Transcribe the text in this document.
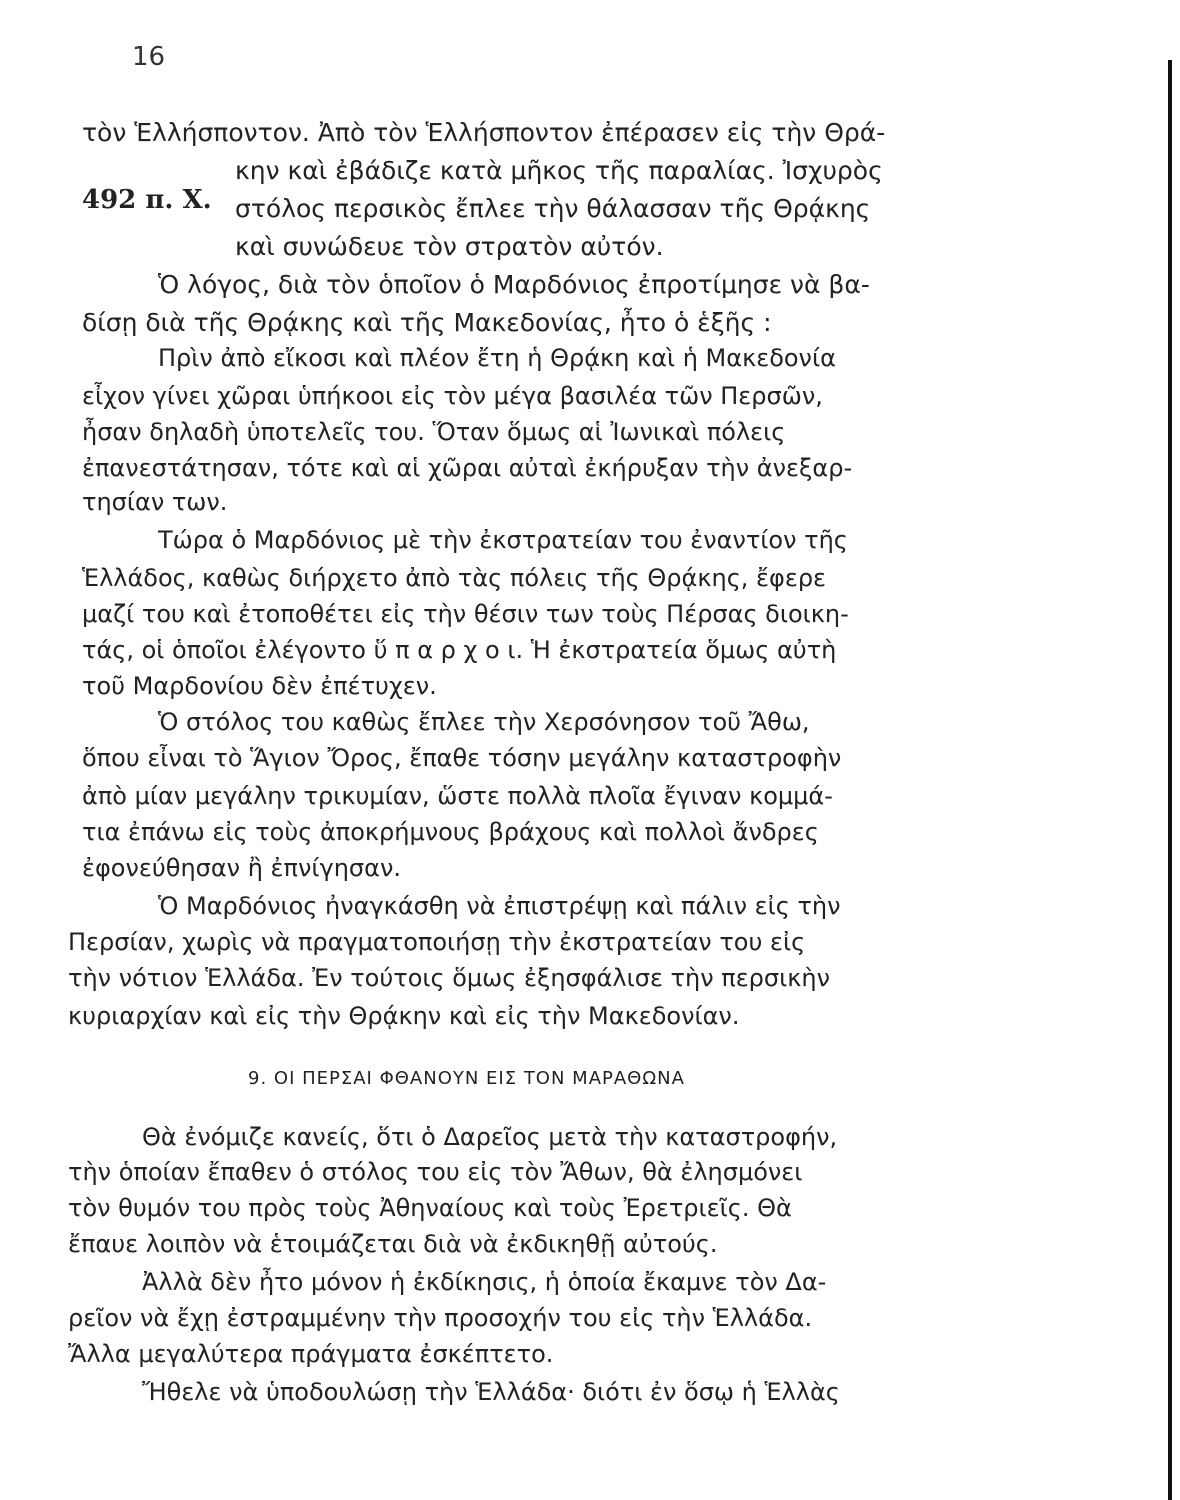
16
492 π. Χ.
τὸν Ἑλλήσποντον. Ἀπὸ τὸν Ἑλλήσποντον ἐπέρασεν εἰς τὴν Θρά-
κην καὶ ἐβάδιζε κατὰ μῆκος τῆς παραλίας. Ἰσχυρὸς
στόλος περσικὸς ἔπλεε τὴν θάλασσαν τῆς Θρᾴκης
καὶ συνώδευε τὸν στρατὸν αὐτόν.
Ὁ λόγος, διὰ τὸν ὁποῖον ὁ Μαρδόνιος ἐπροτίμησε νὰ βα-
δίσῃ διὰ τῆς Θρᾴκης καὶ τῆς Μακεδονίας, ἦτο ὁ ἑξῆς :
Πρὶν ἀπὸ εἴκοσι καὶ πλέον ἔτη ἡ Θρᾴκη καὶ ἡ Μακεδονία
εἶχον γίνει χῶραι ὑπήκοοι εἰς τὸν μέγα βασιλέα τῶν Περσῶν,
ἦσαν δηλαδὴ ὑποτελεῖς του. Ὅταν ὅμως αἱ Ἰωνικαὶ πόλεις
ἐπανεστάτησαν, τότε καὶ αἱ χῶραι αὐταὶ ἐκήρυξαν τὴν ἀνεξαρ-
τησίαν των.
Τώρα ὁ Μαρδόνιος μὲ τὴν ἐκστρατείαν του ἐναντίον τῆς
Ἑλλάδος, καθὼς διήρχετο ἀπὸ τὰς πόλεις τῆς Θρᾴκης, ἔφερε
μαζί του καὶ ἐτοποθέτει εἰς τὴν θέσιν των τοὺς Πέρσας διοικη-
τάς, οἱ ὁποῖοι ἐλέγοντο ὕ π α ρ χ ο ι. Ἡ ἐκστρατεία ὅμως αὐτὴ
τοῦ Μαρδονίου δὲν ἐπέτυχεν.
Ὁ στόλος του καθὼς ἔπλεε τὴν Χερσόνησον τοῦ Ἄθω,
ὅπου εἶναι τὸ Ἅγιον Ὄρος, ἔπαθε τόσην μεγάλην καταστροφὴν
ἀπὸ μίαν μεγάλην τρικυμίαν, ὥστε πολλὰ πλοῖα ἔγιναν κομμά-
τια ἐπάνω εἰς τοὺς ἀποκρήμνους βράχους καὶ πολλοὶ ἄνδρες
ἐφονεύθησαν ἢ ἐπνίγησαν.
Ὁ Μαρδόνιος ἠναγκάσθη νὰ ἐπιστρέψῃ καὶ πάλιν εἰς τὴν
Περσίαν, χωρὶς νὰ πραγματοποιήσῃ τὴν ἐκστρατείαν του εἰς
τὴν νότιον Ἑλλάδα. Ἐν τούτοις ὅμως ἐξησφάλισε τὴν περσικὴν
κυριαρχίαν καὶ εἰς τὴν Θρᾴκην καὶ εἰς τὴν Μακεδονίαν.
9. ΟΙ ΠΕΡΣΑΙ ΦΘΑΝΟΥΝ ΕΙΣ ΤΟΝ ΜΑΡΑΘΩΝΑ
Θὰ ἐνόμιζε κανείς, ὅτι ὁ Δαρεῖος μετὰ τὴν καταστροφήν,
τὴν ὁποίαν ἔπαθεν ὁ στόλος του εἰς τὸν Ἄθων, θὰ ἐλησμόνει
τὸν θυμόν του πρὸς τοὺς Ἀθηναίους καὶ τοὺς Ἐρετριεῖς. Θὰ
ἔπαυε λοιπὸν νὰ ἑτοιμάζεται διὰ νὰ ἐκδικηθῇ αὐτούς.
Ἀλλὰ δὲν ἦτο μόνον ἡ ἐκδίκησις, ἡ ὁποία ἔκαμνε τὸν Δα-
ρεῖον νὰ ἔχῃ ἐστραμμένην τὴν προσοχήν του εἰς τὴν Ἑλλάδα.
Ἄλλα μεγαλύτερα πράγματα ἐσκέπτετο.
Ἤθελε νὰ ὑποδουλώσῃ τὴν Ἑλλάδα· διότι ἐν ὅσῳ ἡ Ἑλλὰς
